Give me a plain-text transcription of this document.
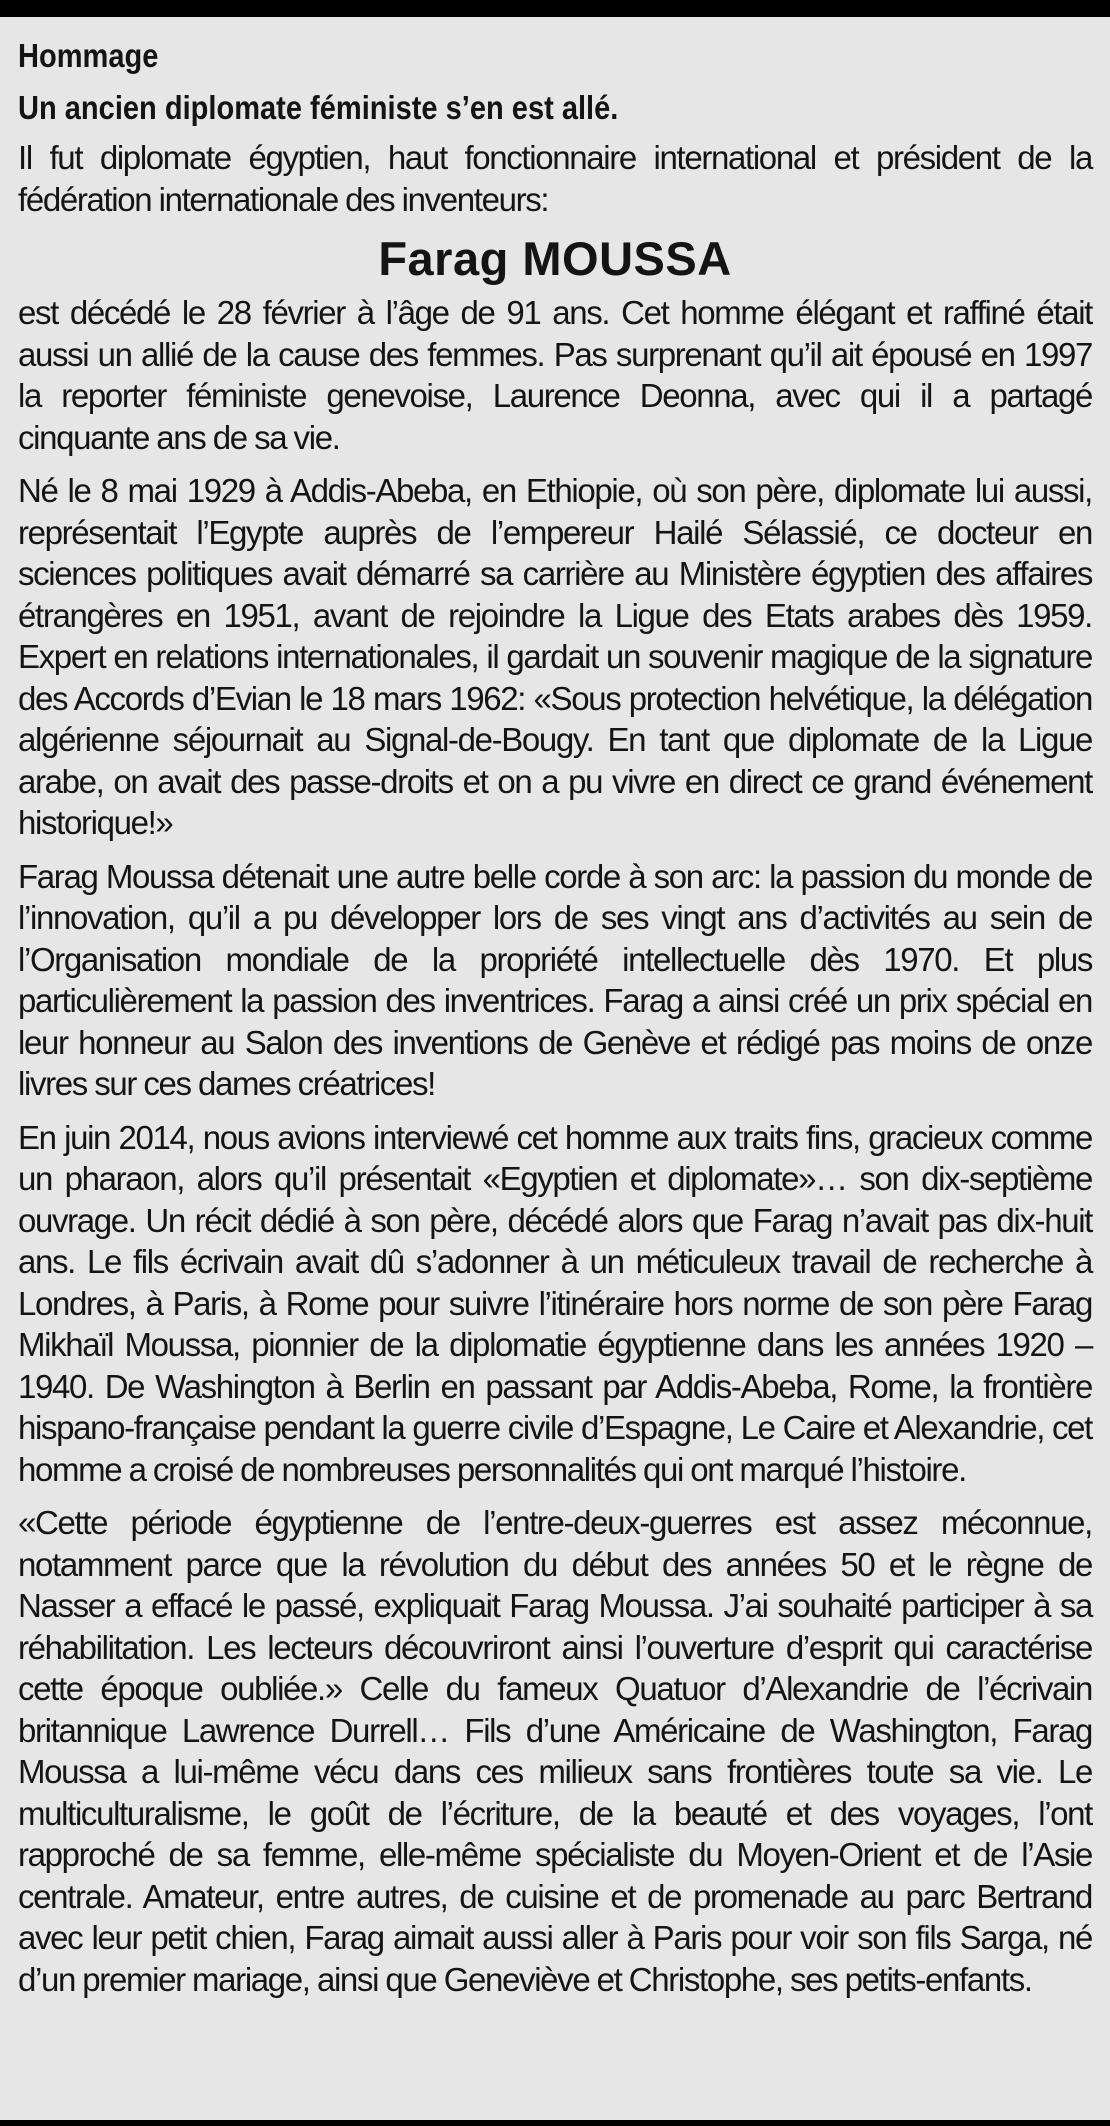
Hommage
Un ancien diplomate féministe s’en est allé.

Il fut diplomate égyptien, haut fonctionnaire international et président de la fédération internationale des inventeurs:

Farag MOUSSA

est décédé le 28 février à l’âge de 91 ans. Cet homme élégant et raffiné était aussi un allié de la cause des femmes. Pas surprenant qu’il ait épousé en 1997 la reporter féministe genevoise, Laurence Deonna, avec qui il a partagé cinquante ans de sa vie.

Né le 8 mai 1929 à Addis-Abeba, en Ethiopie, où son père, diplomate lui aussi, représentait l’Egypte auprès de l’empereur Hailé Sélassié, ce docteur en sciences politiques avait démarré sa carrière au Ministère égyptien des affaires étrangères en 1951, avant de rejoindre la Ligue des Etats arabes dès 1959. Expert en relations internationales, il gardait un souvenir magique de la signature des Accords d’Evian le 18 mars 1962: «Sous protection helvétique, la délégation algérienne séjournait au Signal-de-Bougy. En tant que diplomate de la Ligue arabe, on avait des passe-droits et on a pu vivre en direct ce grand événement historique!»

Farag Moussa détenait une autre belle corde à son arc: la passion du monde de l’innovation, qu’il a pu développer lors de ses vingt ans d’activités au sein de l’Organisation mondiale de la propriété intellectuelle dès 1970. Et plus particulièrement la passion des inventrices. Farag a ainsi créé un prix spécial en leur honneur au Salon des inventions de Genève et rédigé pas moins de onze livres sur ces dames créatrices!

En juin 2014, nous avions interviewé cet homme aux traits fins, gracieux comme un pharaon, alors qu’il présentait «Egyptien et diplomate»… son dix-septième ouvrage. Un récit dédié à son père, décédé alors que Farag n’avait pas dix-huit ans. Le fils écrivain avait dû s’adonner à un méticuleux travail de recherche à Londres, à Paris, à Rome pour suivre l’itinéraire hors norme de son père Farag Mikhaïl Moussa, pionnier de la diplomatie égyptienne dans les années 1920 – 1940. De Washington à Berlin en passant par Addis-Abeba, Rome, la frontière hispano-française pendant la guerre civile d’Espagne, Le Caire et Alexandrie, cet homme a croisé de nombreuses personnalités qui ont marqué l’histoire.

«Cette période égyptienne de l’entre-deux-guerres est assez méconnue, notamment parce que la révolution du début des années 50 et le règne de Nasser a effacé le passé, expliquait Farag Moussa. J’ai souhaité participer à sa réhabilitation. Les lecteurs découvriront ainsi l’ouverture d’esprit qui caractérise cette époque oubliée.» Celle du fameux Quatuor d’Alexandrie de l’écrivain britannique Lawrence Durrell… Fils d’une Américaine de Washington, Farag Moussa a lui-même vécu dans ces milieux sans frontières toute sa vie. Le multiculturalisme, le goût de l’écriture, de la beauté et des voyages, l’ont rapproché de sa femme, elle-même spécialiste du Moyen-Orient et de l’Asie centrale. Amateur, entre autres, de cuisine et de promenade au parc Bertrand avec leur petit chien, Farag aimait aussi aller à Paris pour voir son fils Sarga, né d’un premier mariage, ainsi que Geneviève et Christophe, ses petits-enfants.
